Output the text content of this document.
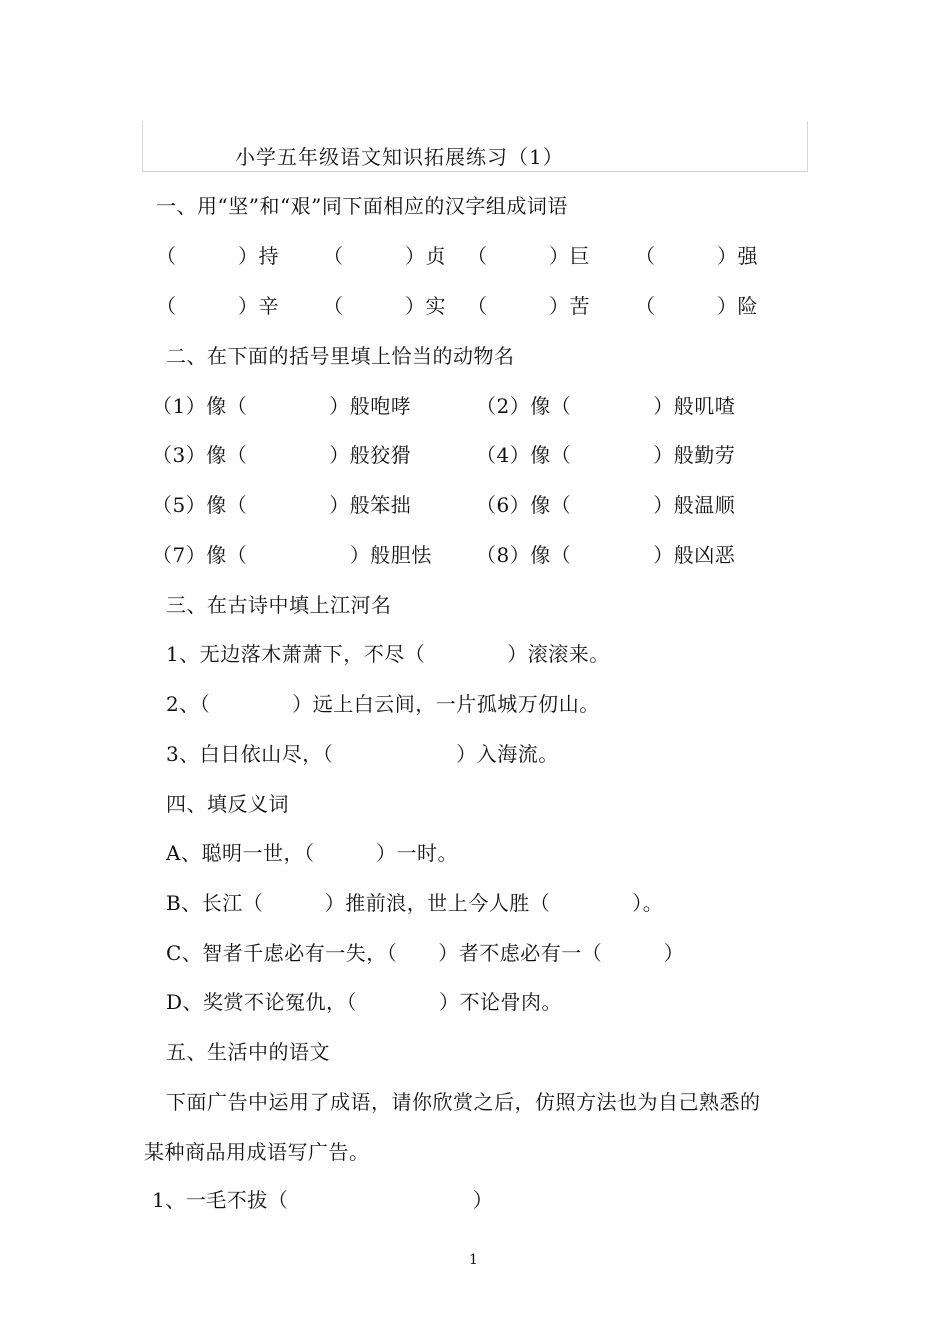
小学五年级语文知识拓展练习（1）
一、用“坚”和“艰”同下面相应的汉字组成词语
（　　　）持 （　　　）贞 （　　　）巨 （　　　）强
（　　　）辛 （　　　）实 （　　　）苦 （　　　）险
二、在下面的括号里填上恰当的动物名
（1）像（　　　　）般咆哮	（2）像（　　　　）般叽喳
（3）像（　　　　）般狡猾	（4）像（　　　　）般勤劳
（5）像（　　　　）般笨拙	（6）像（　　　　）般温顺
（7）像（　　　　　）般胆怯 （8）像（　　　　）般凶恶
三、在古诗中填上江河名
1、无边落木萧萧下，不尽（　　　　）滚滚来。
2、（　　　　）远上白云间，一片孤城万仞山。
3、白日依山尽，（　　　　　　）入海流。
四、填反义词
A、聪明一世，（　　　）一时。
B、长江（　　　）推前浪，世上今人胜（　　　　）。
C、智者千虑必有一失，（　　）者不虑必有一（　　　）
D、奖赏不论冤仇，（　　　　）不论骨肉。
五、生活中的语文
下面广告中运用了成语，请你欣赏之后，仿照方法也为自己熟悉的
某种商品用成语写广告。
1、一毛不拔（　　　　　　　　　）
1
